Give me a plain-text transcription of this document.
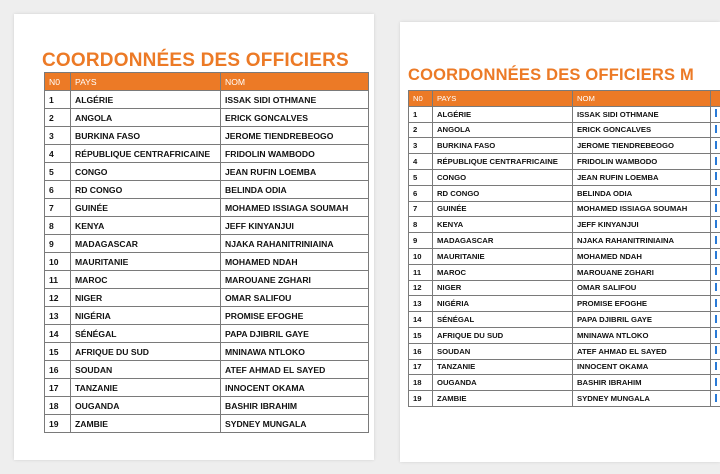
COORDONNÉES DES OFFICIERS
N0	PAYS	NOM
1	ALGÉRIE	ISSAK SIDI OTHMANE
2	ANGOLA	ERICK GONCALVES
3	BURKINA FASO	JEROME TIENDREBEOGO
4	RÉPUBLIQUE CENTRAFRICAINE	FRIDOLIN WAMBODO
5	CONGO	JEAN RUFIN LOEMBA
6	RD CONGO	BELINDA ODIA
7	GUINÉE	MOHAMED ISSIAGA SOUMAH
8	KENYA	JEFF KINYANJUI
9	MADAGASCAR	NJAKA RAHANITRINIAINA
10	MAURITANIE	MOHAMED NDAH
11	MAROC	MAROUANE ZGHARI
12	NIGER	OMAR SALIFOU
13	NIGÉRIA	PROMISE EFOGHE
14	SÉNÉGAL	PAPA DJIBRIL GAYE
15	AFRIQUE DU SUD	MNINAWA NTLOKO
16	SOUDAN	ATEF AHMAD EL SAYED
17	TANZANIE	INNOCENT OKAMA
18	OUGANDA	BASHIR IBRAHIM
19	ZAMBIE	SYDNEY MUNGALA
COORDONNÉES DES OFFICIERS M
N0	PAYS	NOM	
1	ALGÉRIE	ISSAK SIDI OTHMANE	
2	ANGOLA	ERICK GONCALVES	
3	BURKINA FASO	JEROME TIENDREBEOGO	
4	RÉPUBLIQUE CENTRAFRICAINE	FRIDOLIN WAMBODO	
5	CONGO	JEAN RUFIN LOEMBA	
6	RD CONGO	BELINDA ODIA	
7	GUINÉE	MOHAMED ISSIAGA SOUMAH	
8	KENYA	JEFF KINYANJUI	
9	MADAGASCAR	NJAKA RAHANITRINIAINA	
10	MAURITANIE	MOHAMED NDAH	
11	MAROC	MAROUANE ZGHARI	
12	NIGER	OMAR SALIFOU	
13	NIGÉRIA	PROMISE EFOGHE	
14	SÉNÉGAL	PAPA DJIBRIL GAYE	
15	AFRIQUE DU SUD	MNINAWA NTLOKO	
16	SOUDAN	ATEF AHMAD EL SAYED	
17	TANZANIE	INNOCENT OKAMA	
18	OUGANDA	BASHIR IBRAHIM	
19	ZAMBIE	SYDNEY MUNGALA	
